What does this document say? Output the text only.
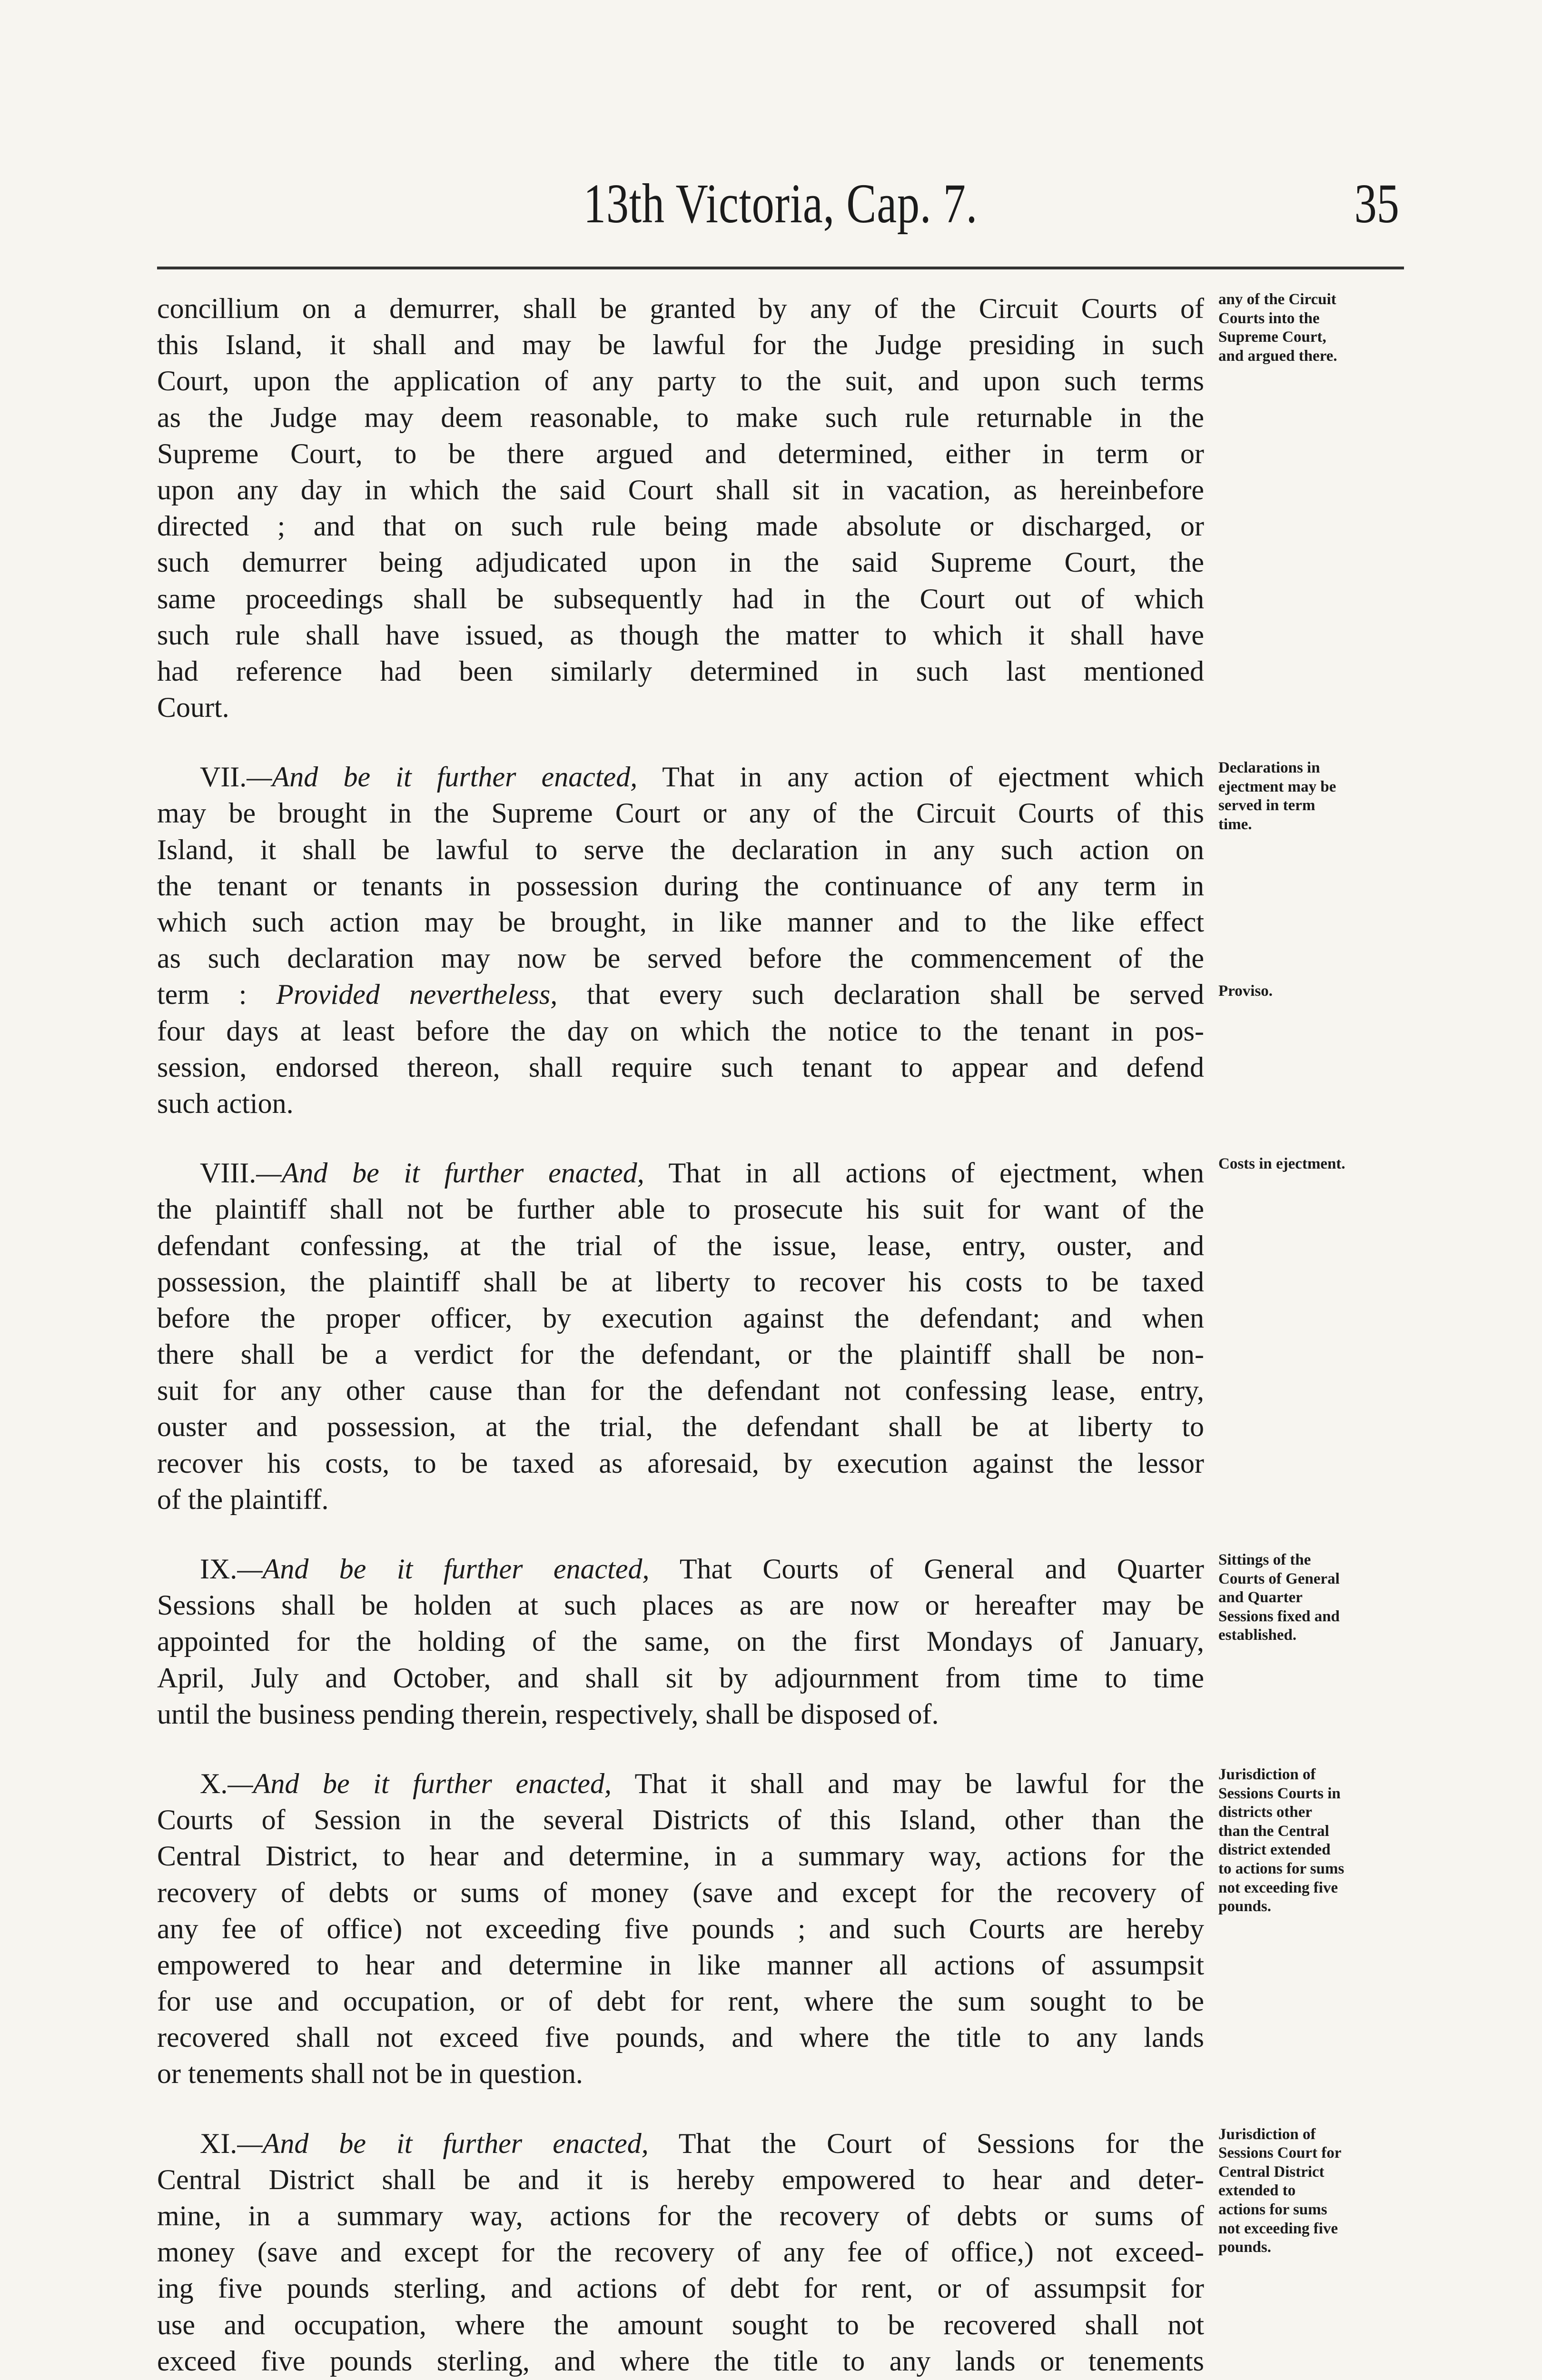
13th Victoria, Cap. 7.	35
concillium on a demurrer, shall be granted by any of the Circuit Courts of
this Island, it shall and may be lawful for the Judge presiding in such
Court, upon the application of any party to the suit, and upon such terms
as the Judge may deem reasonable, to make such rule returnable in the
Supreme Court, to be there argued and determined, either in term or
upon any day in which the said Court shall sit in vacation, as hereinbefore
directed ; and that on such rule being made absolute or discharged, or
such demurrer being adjudicated upon in the said Supreme Court, the
same proceedings shall be subsequently had in the Court out of which
such rule shall have issued, as though the matter to which it shall have
had reference had been similarly determined in such last mentioned
Court.
any of the Circuit
Courts into the
Supreme Court,
and argued there.
VII.—And be it further enacted, That in any action of ejectment which
may be brought in the Supreme Court or any of the Circuit Courts of this
Island, it shall be lawful to serve the declaration in any such action on
the tenant or tenants in possession during the continuance of any term in
which such action may be brought, in like manner and to the like effect
as such declaration may now be served before the commencement of the
term : Provided nevertheless, that every such declaration shall be served
four days at least before the day on which the notice to the tenant in pos-
session, endorsed thereon, shall require such tenant to appear and defend
such action.
Declarations in
ejectment may be
served in term
time.
Proviso.
VIII.—And be it further enacted, That in all actions of ejectment, when
the plaintiff shall not be further able to prosecute his suit for want of the
defendant confessing, at the trial of the issue, lease, entry, ouster, and
possession, the plaintiff shall be at liberty to recover his costs to be taxed
before the proper officer, by execution against the defendant; and when
there shall be a verdict for the defendant, or the plaintiff shall be non-
suit for any other cause than for the defendant not confessing lease, entry,
ouster and possession, at the trial, the defendant shall be at liberty to
recover his costs, to be taxed as aforesaid, by execution against the lessor
of the plaintiff.
Costs in ejectment.
IX.—And be it further enacted, That Courts of General and Quarter
Sessions shall be holden at such places as are now or hereafter may be
appointed for the holding of the same, on the first Mondays of January,
April, July and October, and shall sit by adjournment from time to time
until the business pending therein, respectively, shall be disposed of.
Sittings of the
Courts of General
and Quarter
Sessions fixed and
established.
X.—And be it further enacted, That it shall and may be lawful for the
Courts of Session in the several Districts of this Island, other than the
Central District, to hear and determine, in a summary way, actions for the
recovery of debts or sums of money (save and except for the recovery of
any fee of office) not exceeding five pounds ; and such Courts are hereby
empowered to hear and determine in like manner all actions of assumpsit
for use and occupation, or of debt for rent, where the sum sought to be
recovered shall not exceed five pounds, and where the title to any lands
or tenements shall not be in question.
Jurisdiction of
Sessions Courts in
districts other
than the Central
district extended
to actions for sums
not exceeding five
pounds.
XI.—And be it further enacted, That the Court of Sessions for the
Central District shall be and it is hereby empowered to hear and deter-
mine, in a summary way, actions for the recovery of debts or sums of
money (save and except for the recovery of any fee of office,) not exceed-
ing five pounds sterling, and actions of debt for rent, or of assumpsit for
use and occupation, where the amount sought to be recovered shall not
exceed five pounds sterling, and where the title to any lands or tenements
Jurisdiction of
Sessions Court for
Central District
extended to
actions for sums
not exceeding five
pounds.
